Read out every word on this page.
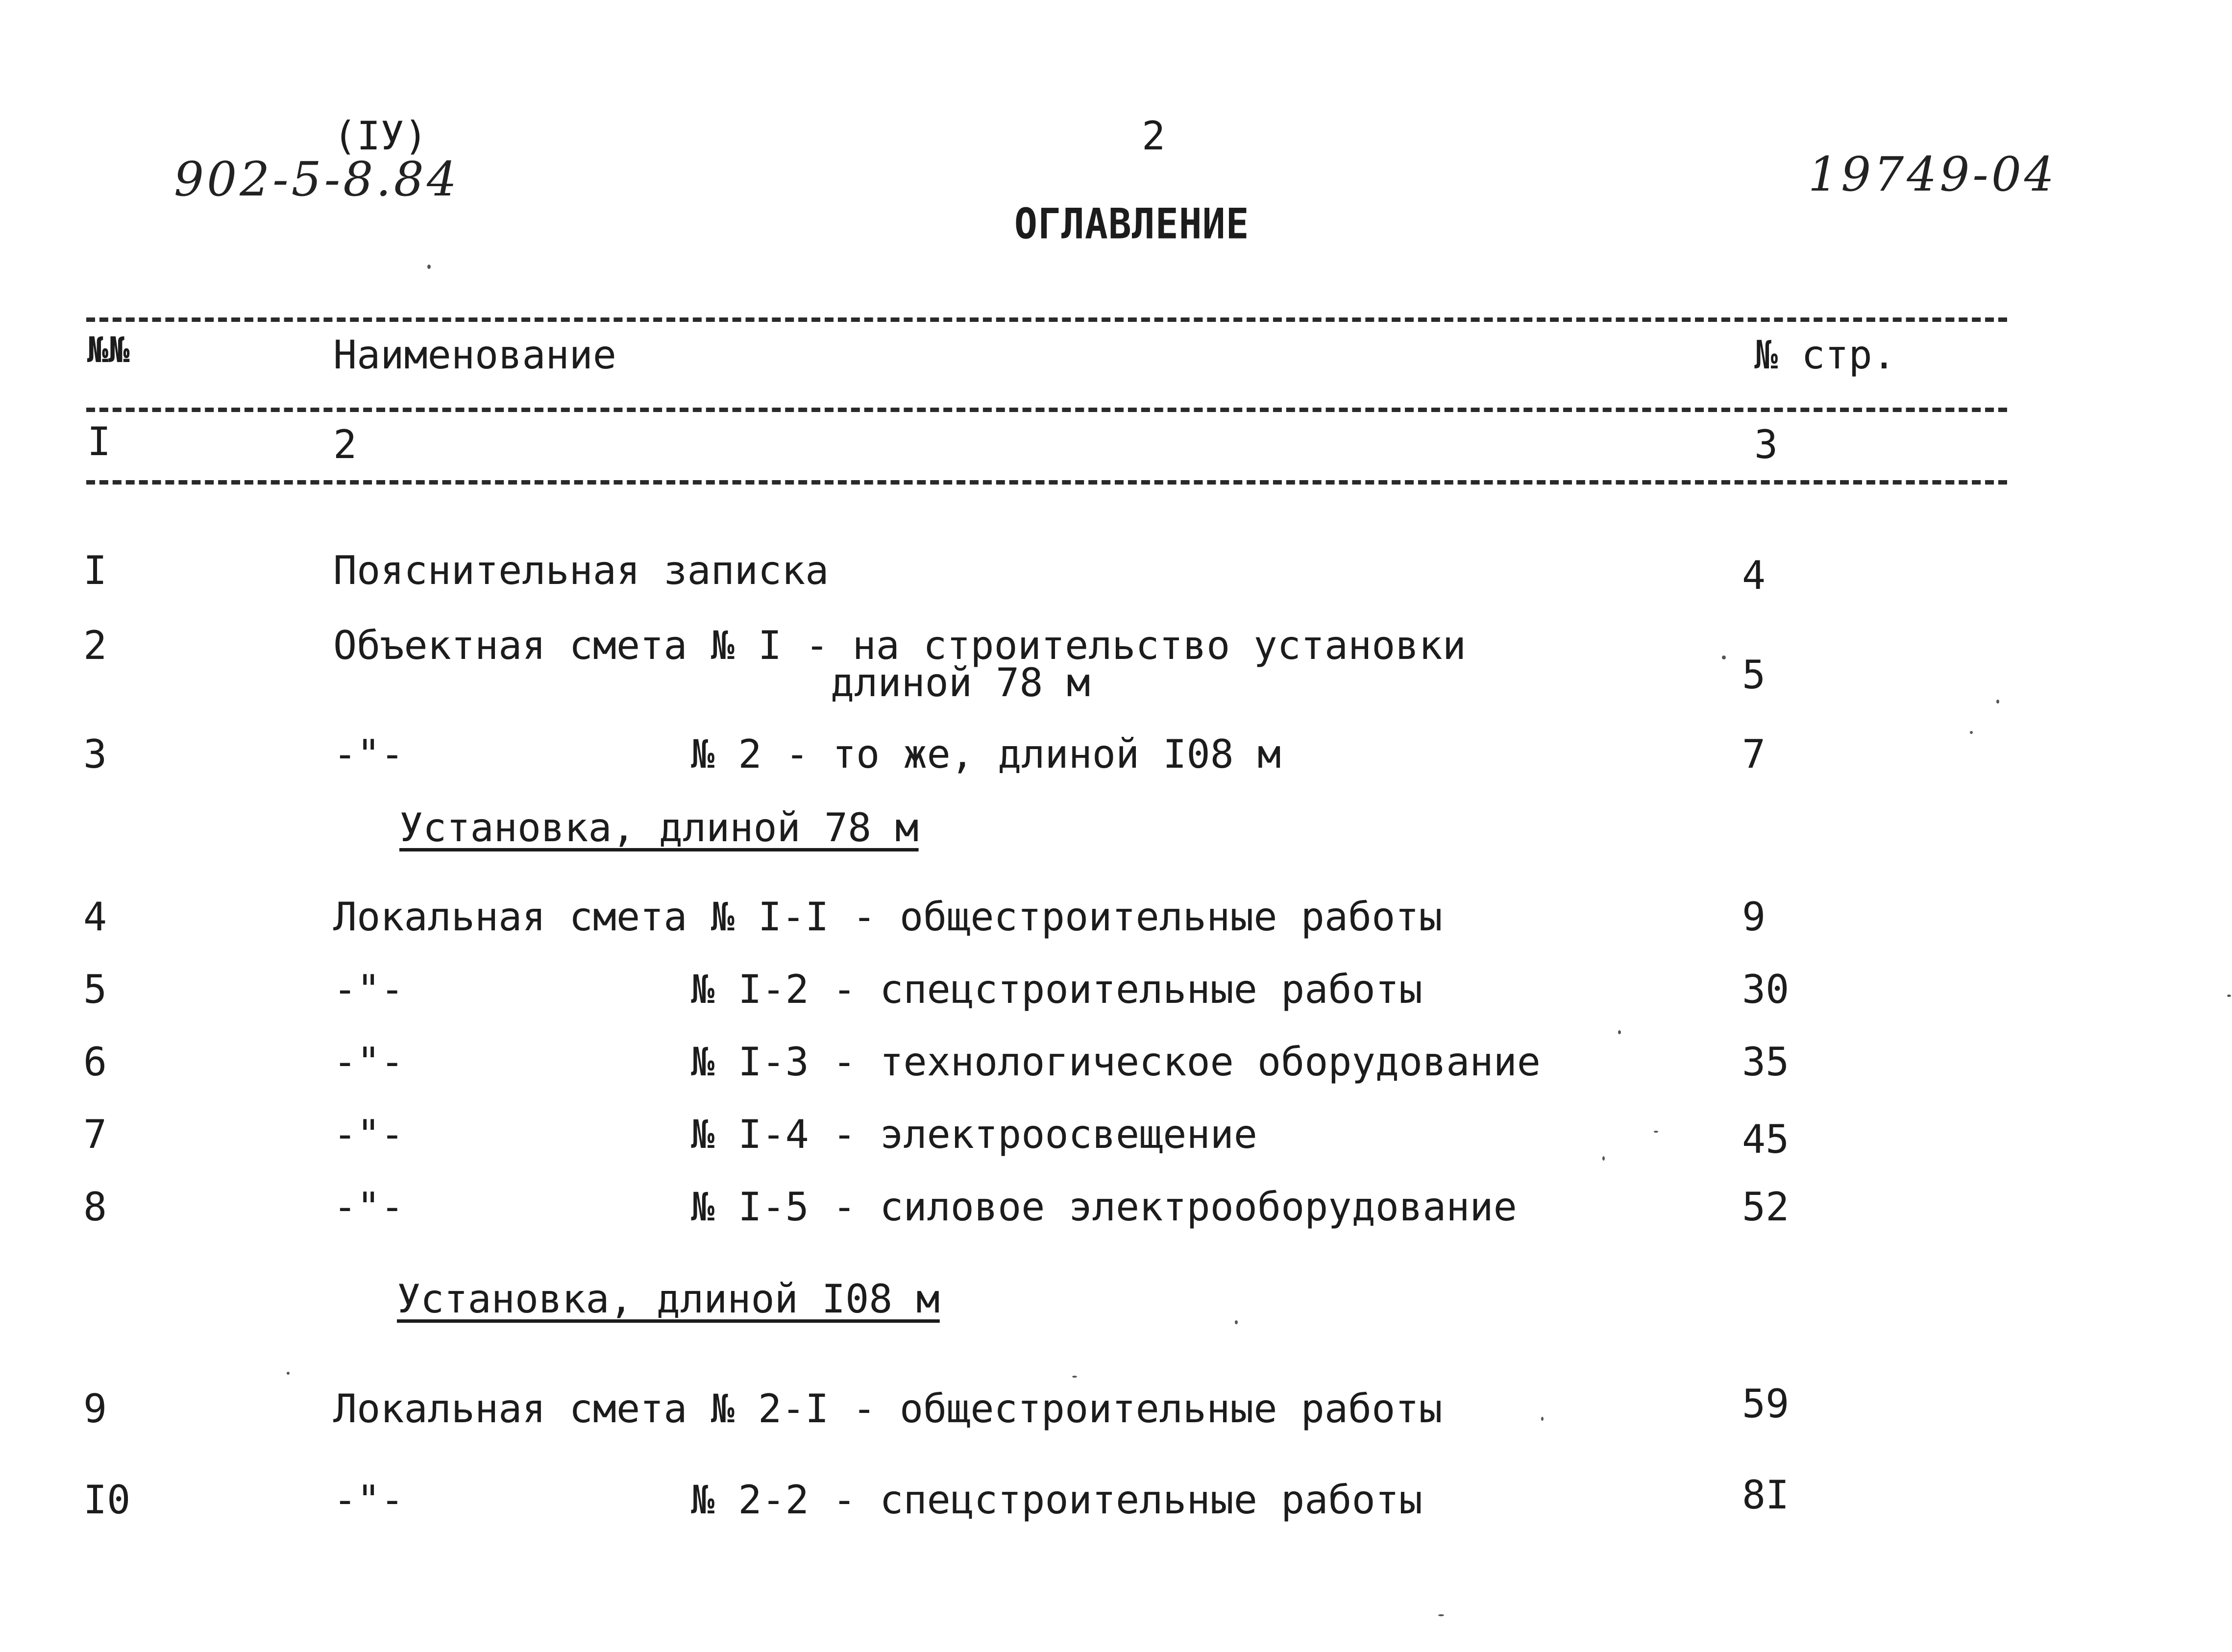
(IУ)
902-5-8.84
2
19749-04
ОГЛАВЛЕНИЕ
№№	Наименование	№ стр.
I	2	3
I	Пояснительная записка	4
2	Объектная смета № I - на строительство установки
длиной 78 м	5
3	-"-	№ 2 - то же, длиной I08 м	7
Установка, длиной 78 м
4	Локальная смета № I-I - общестроительные работы	9
5	-"-	№ I-2 - спецстроительные работы	30
6	-"-	№ I-3 - технологическое оборудование	35
7	-"-	№ I-4 - электроосвещение	45
8	-"-	№ I-5 - силовое электрооборудование	52
Установка, длиной I08 м
9	Локальная смета № 2-I - общестроительные работы	59
I0	-"-	№ 2-2 - спецстроительные работы	8I
